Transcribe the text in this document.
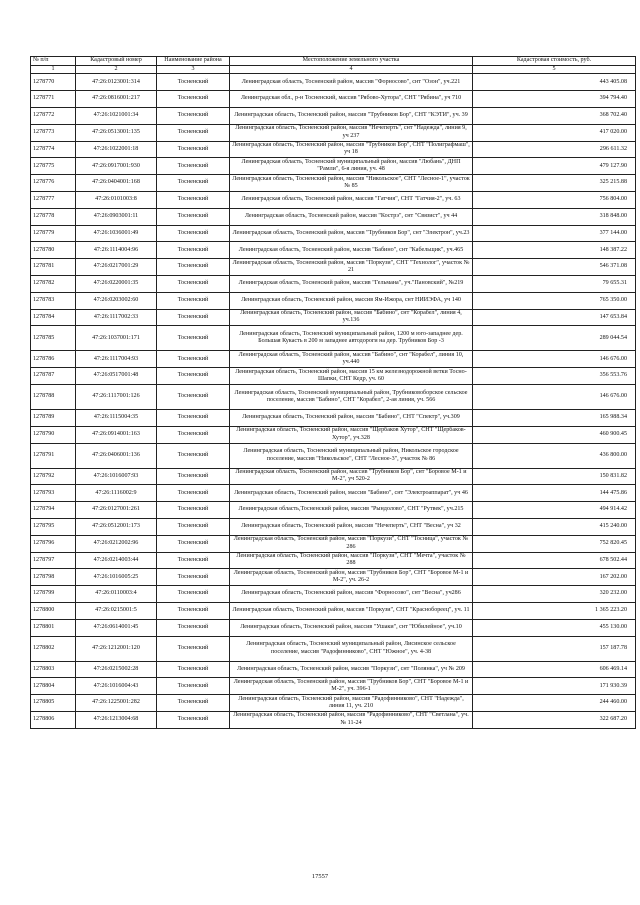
№ п/п	Кадастровый номер	Наименование района	Местоположение земельного участка	Кадастровая стоимость, руб.
1	2	3	4	5
1278770	47:26:0123001:314	Тосненский	Ленинградская область, Тосненский район, массив "Форносово", снт "Озон", уч.221	443 405.08
1278771	47:26:0816001:217	Тосненский	Ленинградская обл., р-н Тосненский, массив "Рябово-Хутора", СНТ "Рябина", уч 710	394 794.40
1278772	47:26:1021001:34	Тосненский	Ленинградская область, Тосненский район, массив "Трубников Бор", СНТ "КЭТИ", уч. 39	368 702.40
1278773	47:26:0513001:135	Тосненский	Ленинградская область, Тосненский район, массив "Нечеперть", снт "Надежда", линия 9, уч 237	417 020.00
1278774	47:26:1022001:18	Тосненский	Ленинградская область, Тосненский район, массив "Трубников Бор", СНТ "Полиграфмаш", уч 18	296 611.32
1278775	47:26:0917001:930	Тосненский	Ленинградская область, Тосненский муниципальный район, массив "Любань", ДНП "Рамли", 6-я линия, уч. 48	479 127.90
1278776	47:26:0404001:168	Тосненский	Ленинградская область, Тосненский район, массив "Никольское", СНТ "Лесное-1", участок № 85	325 215.88
1278777	47:26:0101003:8	Тосненский	Ленинградская область, Тосненский район, массив "Гатчия", СНТ "Гатчия-2", уч. 63	756 804.00
1278778	47:26:0903001:11	Тосненский	Ленинградская область, Тосненский район, массив "Кострэ", снт "Связист", уч 44	318 848.00
1278779	47:26:1036001:49	Тосненский	Ленинградская область, Тосненский район, массив "Трубников Бор", снт "Электрон", уч.23	377 144.00
1278780	47:26:1114004:96	Тосненский	Ленинградская область, Тосненский район, массив "Бабино", снт "Кабельщик", уч.465	148 387.22
1278781	47:26:0217001:29	Тосненский	Ленинградская область, Тосненский район, массив "Поркузи", СНТ "Технолог", участок № 21	546 371.08
1278782	47:26:0220001:35	Тосненский	Ленинградская область, Тосненский район, массив "Гельмана", уч."Пановский", №219	79 655.31
1278783	47:26:0203002:60	Тосненский	Ленинградская область, Тосненский район, массив Ям-Ижора, снт НИИЭФА, уч 140	765 350.00
1278784	47:26:1117002:33	Тосненский	Ленинградская область, Тосненский район, массив "Бабино", снт "Корабел", линия 4, уч.136	147 653.84
1278785	47:26:1037001:171	Тосненский	Ленинградская область, Тосненский муниципальный район, 1200 м юго-западнее дер. Большая Кукасть в 200 м западнее автодороги на дер. Трубников Бор -3	289 044.54
1278786	47:26:1117004:93	Тосненский	Ленинградская область, Тосненский район, массив "Бабино", снт "Корабел", линия 10, уч.440	146 676.00
1278787	47:26:0517001:48	Тосненский	Ленинградская область, Тосненский район, массив 15 км железнодорожной ветки Тосно-Шапки, СНТ Кедр, уч. 60	356 553.76
1278788	47:26:1117001:126	Тосненский	Ленинградская область, Тосненский муниципальный район, Трубниковоборское сельское поселение, массив "Бабино", СНТ "Корабел", 2-ая линия, уч. 566	146 676.00
1278789	47:26:1115004:35	Тосненский	Ленинградская область, Тосненский район, массив "Бабино", СНТ "Спектр", уч.309	165 988.34
1278790	47:26:0914001:163	Тосненский	Ленинградская область, Тосненский район, массив "Щербаков Хутор", СНТ "Щербаков-Хутор", уч.328	460 900.45
1278791	47:26:0406001:136	Тосненский	Ленинградская область, Тосненский муниципальный район, Никольское городское поселение, массив "Никольское", СНТ "Лесное-3", участок № 86	436 800.00
1278792	47:26:1016007:93	Тосненский	Ленинградская область, Тосненский район, массив "Трубников Бор", снт "Боровое М-1 и М-2", уч 520-2	150 831.82
1278793	47:26:1116002:9	Тосненский	Ленинградская область, Тосненский район, массив "Бабино", снт "Электроаппарат", уч 46	144 475.86
1278794	47:26:0127001:261	Тосненский	Ленинградская область,Тосненский район, массив "Рындолово", СНТ "Рутвек", уч.215	494 914.42
1278795	47:26:0512001:173	Тосненский	Ленинградская область, Тосненский район, массив "Нечеперть", СНТ "Весна", уч 32	415 240.00
1278796	47:26:0212002:96	Тосненский	Ленинградская область, Тосненский район, массив "Поркузи", СНТ "Тосница", участок № 286	752 820.45
1278797	47:26:0214003:44	Тосненский	Ленинградская область, Тосненский район, массив "Поркузи", СНТ "Мечта", участок № 288	678 502.44
1278798	47:26:1016005:25	Тосненский	Ленинградская область, Тосненский район, массив "Трубников Бор", СНТ "Боровое М-1 и М-2", уч. 26-2	167 202.00
1278799	47:26:0110003:4	Тосненский	Ленинградская область, Тосненский район, массив "Форносово", снт "Весна", уч286	320 232.00
1278800	47:26:0215001:5	Тосненский	Ленинградская область, Тосненский район, массив "Поркузи", СНТ "Краснобореец", уч. 11	1 365 223.20
1278801	47:26:0614001:45	Тосненский	Ленинградская область, Тосненский район, массив "Ушаки", снт "Юбилейное", уч.10	455 130.00
1278802	47:26:1212001:120	Тосненский	Ленинградская область, Тосненский муниципальный район, Лисинское сельское поселение, массив "Радофинниково", СНТ "Южное", уч. 4-38	157 187.78
1278803	47:26:0215002:28	Тосненский	Ленинградская область, Тосненский район, массив "Поркузи", снт "Полянка", уч № 209	606 469.14
1278804	47:26:1016004:43	Тосненский	Ленинградская область, Тосненский район, массив "Трубников Бор", СНТ "Боровое М-1 и М-2", уч. 396-1	171 930.39
1278805	47:26:1225001:282	Тосненский	Ленинградская область, Тосненский район, массив "Радофинниково", СНТ "Надежда", линия 11, уч. 210	244 460.00
1278806	47:26:1213004:68	Тосненский	Ленинградская область, Тосненский район, массив "Радофинниково", СНТ "Светлана", уч. № 11-24	322 687.20
17557
